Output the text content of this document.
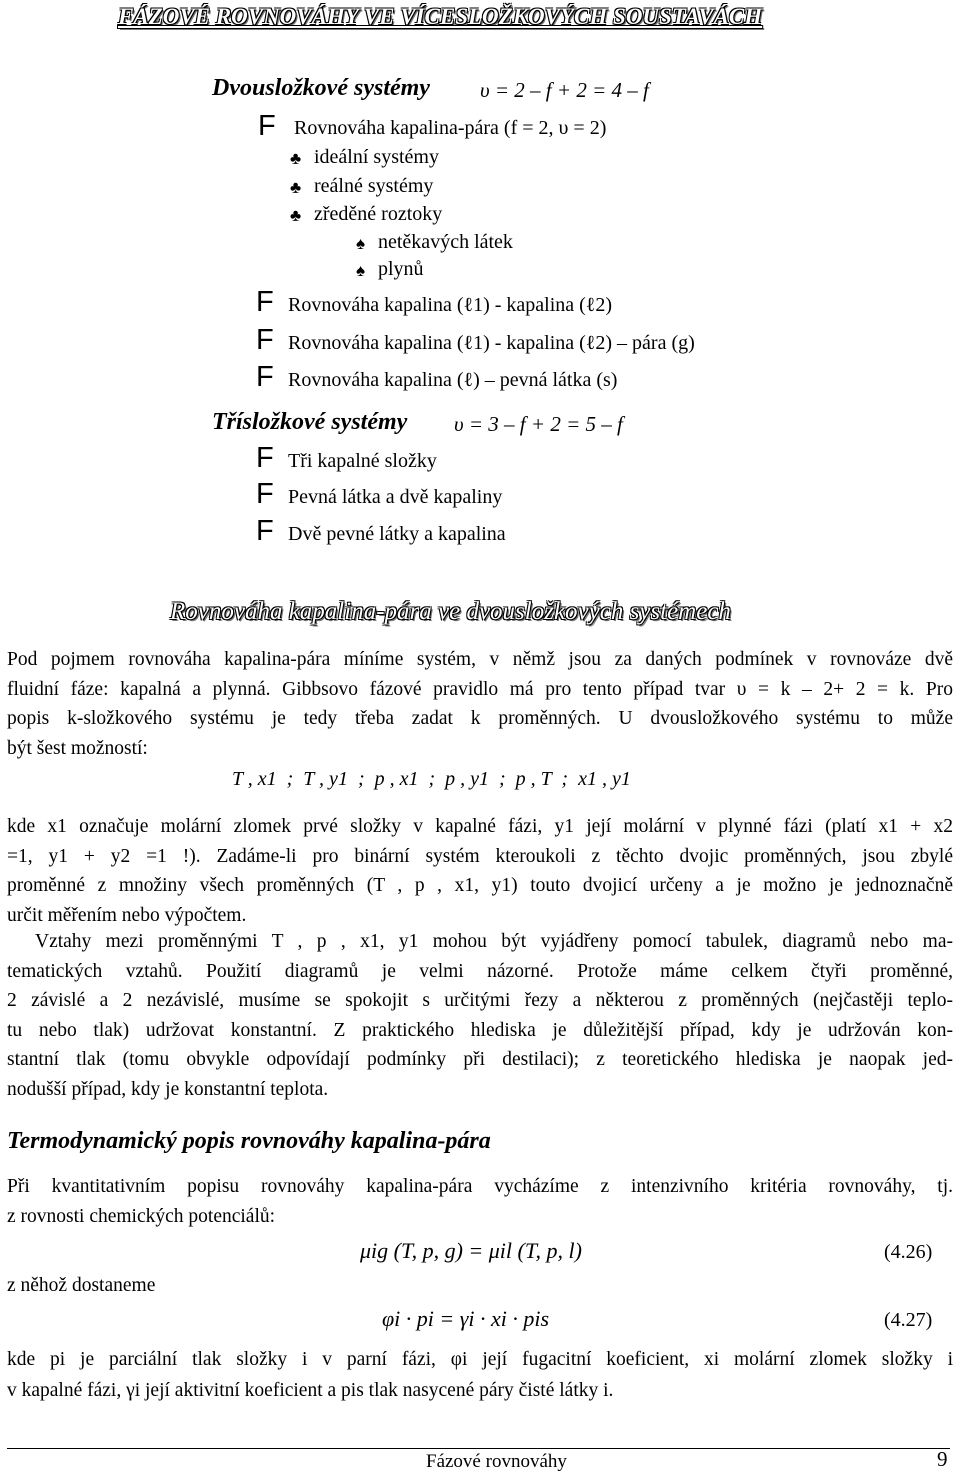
FÁZOVÉ ROVNOVÁHY VE VÍCESLOŽKOVÝCH SOUSTAVÁCH
Dvousložkové systémy υ = 2 – f + 2 = 4 – f
F Rovnováha kapalina-pára (f = 2, υ = 2)
♣ ideální systémy
♣ reálné systémy
♣ zředěné roztoky
♠ netěkavých látek
♠ plynů
F Rovnováha kapalina (ℓ1) - kapalina (ℓ2)
F Rovnováha kapalina (ℓ1) - kapalina (ℓ2) – pára (g)
F Rovnováha kapalina (ℓ) – pevná látka (s)
Třísložkové systémy υ = 3 – f + 2 = 5 – f
F Tři kapalné složky
F Pevná látka a dvě kapaliny
F Dvě pevné látky a kapalina
Rovnováha kapalina-pára ve dvousložkových systémech
Pod pojmem rovnováha kapalina-pára míníme systém, v němž jsou za daných podmínek v rovnováze dvě
fluidní fáze: kapalná a plynná. Gibbsovo fázové pravidlo má pro tento případ tvar υ = k – 2+ 2 = k. Pro
popis k-složkového systému je tedy třeba zadat k proměnných. U dvousložkového systému to může
být šest možností:
T , x1  ;  T , y1  ;  p , x1  ;  p , y1  ;  p , T  ;  x1 , y1
kde x1 označuje molární zlomek prvé složky v kapalné fázi, y1 její molární v plynné fázi (platí x1 + x2
=1, y1 + y2 =1 !). Zadáme-li pro binární systém kteroukoli z těchto dvojic proměnných, jsou zbylé
proměnné z množiny všech proměnných (T , p , x1, y1) touto dvojicí určeny a je možno je jednoznačně
určit měřením nebo výpočtem.
Vztahy mezi proměnnými T , p , x1, y1 mohou být vyjádřeny pomocí tabulek, diagramů nebo ma-
tematických vztahů. Použití diagramů je velmi názorné. Protože máme celkem čtyři proměnné,
2 závislé a 2 nezávislé, musíme se spokojit s určitými řezy a některou z proměnných (nejčastěji teplo-
tu nebo tlak) udržovat konstantní. Z praktického hlediska je důležitější případ, kdy je udržován kon-
stantní tlak (tomu obvykle odpovídají podmínky při destilaci); z teoretického hlediska je naopak jed-
nodušší případ, kdy je konstantní teplota.
Termodynamický popis rovnováhy kapalina-pára
Při kvantitativním popisu rovnováhy kapalina-pára vycházíme z intenzivního kritéria rovnováhy, tj.
z rovnosti chemických potenciálů:
μig (T, p, g) = μil (T, p, l)	(4.26)
z něhož dostaneme
φi · pi = γi · xi · pis	(4.27)
kde pi je parciální tlak složky i v parní fázi, φi její fugacitní koeficient, xi molární zlomek složky i
v kapalné fázi, γi její aktivitní koeficient a pis tlak nasycené páry čisté látky i.
Fázové rovnováhy	9
